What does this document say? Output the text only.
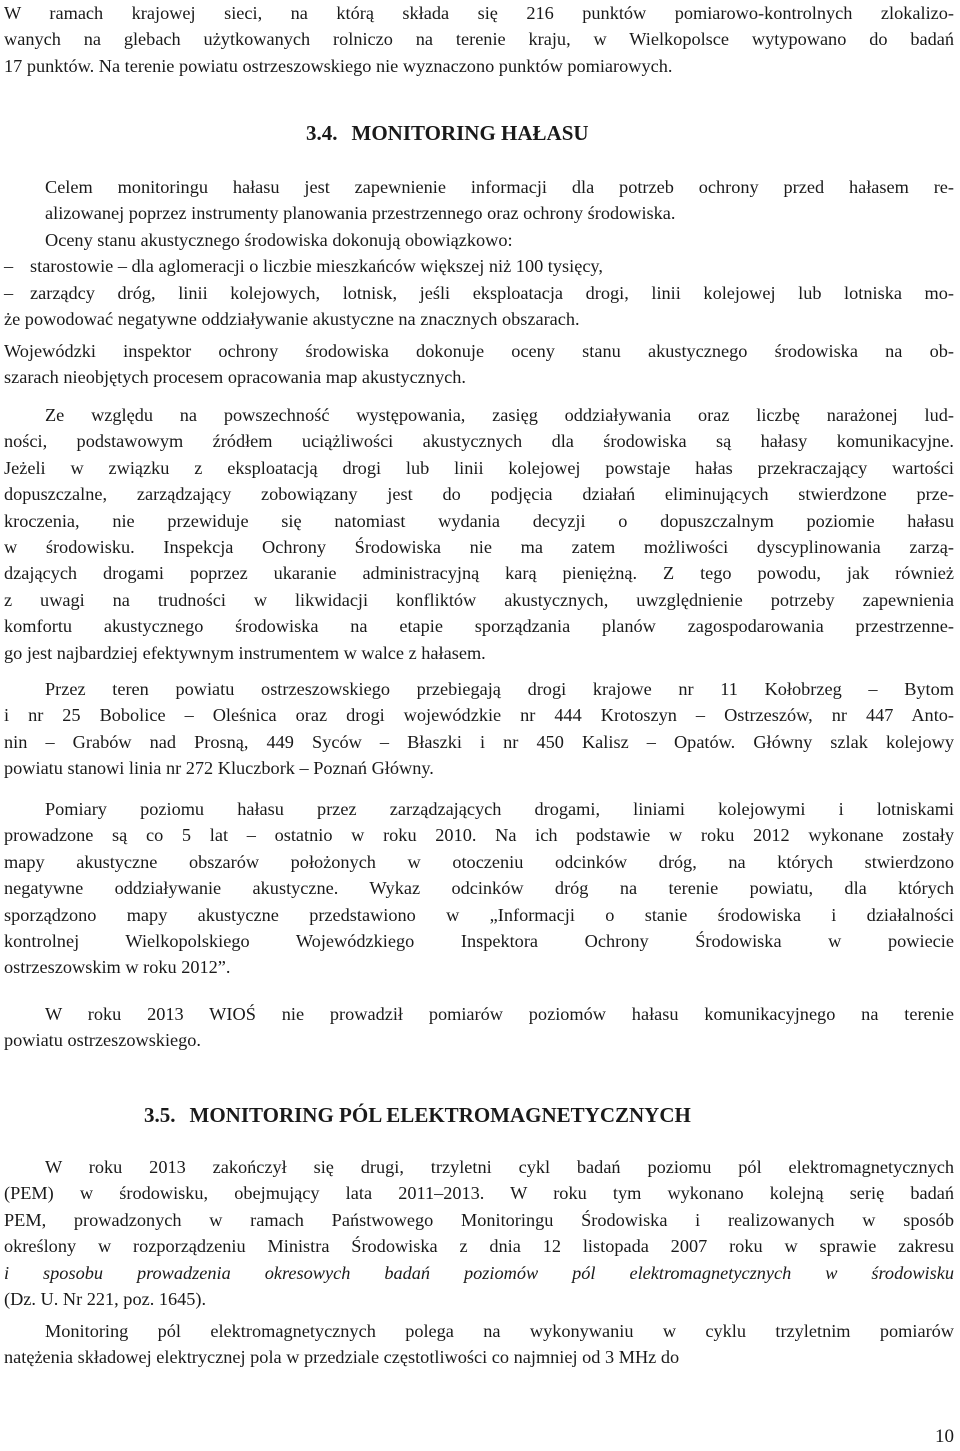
W ramach krajowej sieci, na którą składa się 216 punktów pomiarowo-kontrolnych zlokalizo-
wanych na glebach użytkowanych rolniczo na terenie kraju, w Wielkopolsce wytypowano do badań
17 punktów. Na terenie powiatu ostrzeszowskiego nie wyznaczono punktów pomiarowych.
3.4. MONITORING HAŁASU
Celem monitoringu hałasu jest zapewnienie informacji dla potrzeb ochrony przed hałasem re-
alizowanej poprzez instrumenty planowania przestrzennego oraz ochrony środowiska.
Oceny stanu akustycznego środowiska dokonują obowiązkowo:
– starostowie – dla aglomeracji o liczbie mieszkańców większej niż 100 tysięcy,
– zarządcy dróg, linii kolejowych, lotnisk, jeśli eksploatacja drogi, linii kolejowej lub lotniska mo-
że powodować negatywne oddziaływanie akustyczne na znacznych obszarach.
Wojewódzki inspektor ochrony środowiska dokonuje oceny stanu akustycznego środowiska na ob-
szarach nieobjętych procesem opracowania map akustycznych.
Ze względu na powszechność występowania, zasięg oddziaływania oraz liczbę narażonej lud-
ności, podstawowym źródłem uciążliwości akustycznych dla środowiska są hałasy komunikacyjne.
Jeżeli w związku z eksploatacją drogi lub linii kolejowej powstaje hałas przekraczający wartości
dopuszczalne, zarządzający zobowiązany jest do podjęcia działań eliminujących stwierdzone prze-
kroczenia, nie przewiduje się natomiast wydania decyzji o dopuszczalnym poziomie hałasu
w środowisku. Inspekcja Ochrony Środowiska nie ma zatem możliwości dyscyplinowania zarzą-
dzających drogami poprzez ukaranie administracyjną karą pieniężną. Z tego powodu, jak również
z uwagi na trudności w likwidacji konfliktów akustycznych, uwzględnienie potrzeby zapewnienia
komfortu akustycznego środowiska na etapie sporządzania planów zagospodarowania przestrzenne-
go jest najbardziej efektywnym instrumentem w walce z hałasem.
Przez teren powiatu ostrzeszowskiego przebiegają drogi krajowe nr 11 Kołobrzeg – Bytom
i nr 25 Bobolice – Oleśnica oraz drogi wojewódzkie nr 444 Krotoszyn – Ostrzeszów, nr 447 Anto-
nin – Grabów nad Prosną, 449 Syców – Błaszki i nr 450 Kalisz – Opatów. Główny szlak kolejowy
powiatu stanowi linia nr 272 Kluczbork – Poznań Główny.
Pomiary poziomu hałasu przez zarządzających drogami, liniami kolejowymi i lotniskami
prowadzone są co 5 lat – ostatnio w roku 2010. Na ich podstawie w roku 2012 wykonane zostały
mapy akustyczne obszarów położonych w otoczeniu odcinków dróg, na których stwierdzono
negatywne oddziaływanie akustyczne. Wykaz odcinków dróg na terenie powiatu, dla których
sporządzono mapy akustyczne przedstawiono w „Informacji o stanie środowiska i działalności
kontrolnej Wielkopolskiego Wojewódzkiego Inspektora Ochrony Środowiska w powiecie
ostrzeszowskim w roku 2012”.
W roku 2013 WIOŚ nie prowadził pomiarów poziomów hałasu komunikacyjnego na terenie
powiatu ostrzeszowskiego.
3.5. MONITORING PÓL ELEKTROMAGNETYCZNYCH
W roku 2013 zakończył się drugi, trzyletni cykl badań poziomu pól elektromagnetycznych
(PEM) w środowisku, obejmujący lata 2011–2013. W roku tym wykonano kolejną serię badań
PEM, prowadzonych w ramach Państwowego Monitoringu Środowiska i realizowanych w sposób
określony w rozporządzeniu Ministra Środowiska z dnia 12 listopada 2007 roku w sprawie zakresu
i sposobu prowadzenia okresowych badań poziomów pól elektromagnetycznych w środowisku
(Dz. U. Nr 221, poz. 1645).
Monitoring pól elektromagnetycznych polega na wykonywaniu w cyklu trzyletnim pomiarów
natężenia składowej elektrycznej pola w przedziale częstotliwości co najmniej od 3 MHz do
10
